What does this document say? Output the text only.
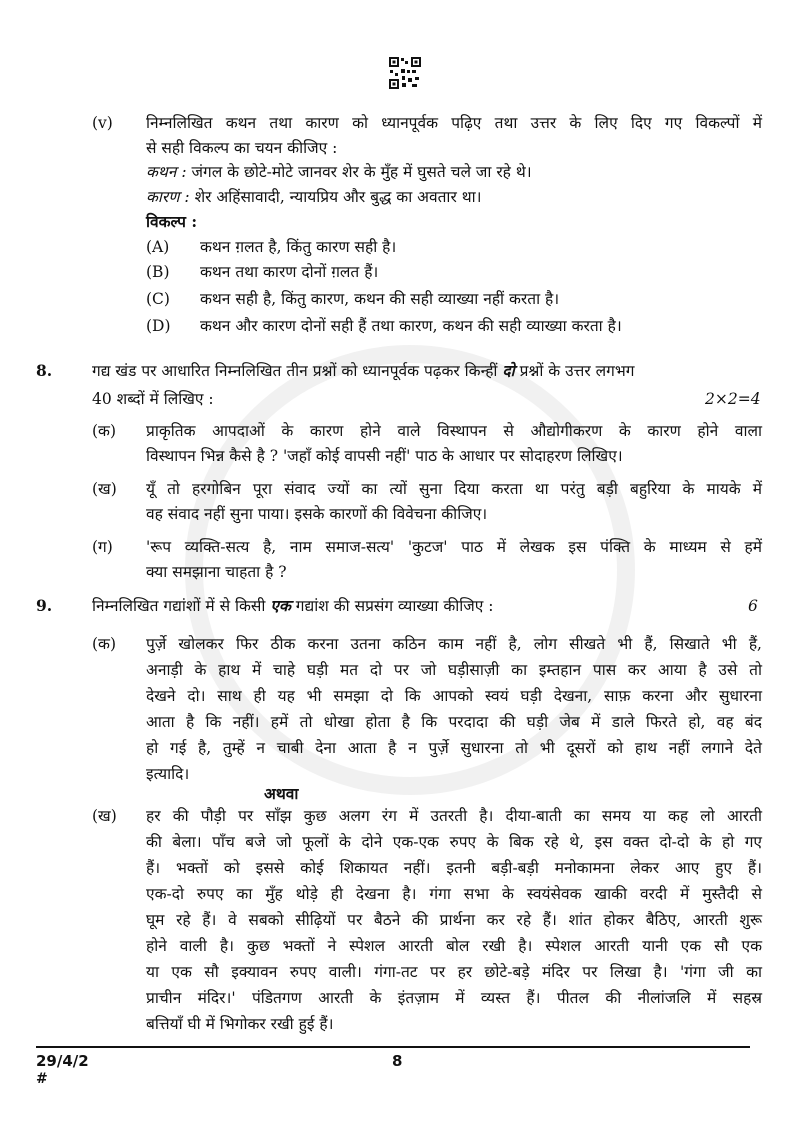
(v) निम्नलिखित कथन तथा कारण को ध्यानपूर्वक पढ़िए तथा उत्तर के लिए दिए गए विकल्पों में
से सही विकल्प का चयन कीजिए :
कथन : जंगल के छोटे-मोटे जानवर शेर के मुँह में घुसते चले जा रहे थे।
कारण : शेर अहिंसावादी, न्यायप्रिय और बुद्ध का अवतार था।
विकल्प :
(A) कथन ग़लत है, किंतु कारण सही है।
(B) कथन तथा कारण दोनों ग़लत हैं।
(C) कथन सही है, किंतु कारण, कथन की सही व्याख्या नहीं करता है।
(D) कथन और कारण दोनों सही हैं तथा कारण, कथन की सही व्याख्या करता है।
8.	गद्य खंड पर आधारित निम्नलिखित तीन प्रश्नों को ध्यानपूर्वक पढ़कर किन्हीं दो प्रश्नों के उत्तर लगभग
40 शब्दों में लिखिए :	2×2=4
(क) प्राकृतिक आपदाओं के कारण होने वाले विस्थापन से औद्योगीकरण के कारण होने वाला
विस्थापन भिन्न कैसे है ? 'जहाँ कोई वापसी नहीं' पाठ के आधार पर सोदाहरण लिखिए।
(ख) यूँ तो हरगोबिन पूरा संवाद ज्यों का त्यों सुना दिया करता था परंतु बड़ी बहुरिया के मायके में
वह संवाद नहीं सुना पाया। इसके कारणों की विवेचना कीजिए।
(ग) 'रूप व्यक्ति-सत्य है, नाम समाज-सत्य' 'कुटज' पाठ में लेखक इस पंक्ति के माध्यम से हमें
क्या समझाना चाहता है ?
9.	निम्नलिखित गद्यांशों में से किसी एक गद्यांश की सप्रसंग व्याख्या कीजिए :	6
(क) पुर्ज़े खोलकर फिर ठीक करना उतना कठिन काम नहीं है, लोग सीखते भी हैं, सिखाते भी हैं,
अनाड़ी के हाथ में चाहे घड़ी मत दो पर जो घड़ीसाज़ी का इम्तहान पास कर आया है उसे तो
देखने दो। साथ ही यह भी समझा दो कि आपको स्वयं घड़ी देखना, साफ़ करना और सुधारना
आता है कि नहीं। हमें तो धोखा होता है कि परदादा की घड़ी जेब में डाले फिरते हो, वह बंद
हो गई है, तुम्हें न चाबी देना आता है न पुर्ज़े सुधारना तो भी दूसरों को हाथ नहीं लगाने देते
इत्यादि।
अथवा
(ख) हर की पौड़ी पर साँझ कुछ अलग रंग में उतरती है। दीया-बाती का समय या कह लो आरती
की बेला। पाँच बजे जो फूलों के दोने एक-एक रुपए के बिक रहे थे, इस वक्त दो-दो के हो गए
हैं। भक्तों को इससे कोई शिकायत नहीं। इतनी बड़ी-बड़ी मनोकामना लेकर आए हुए हैं।
एक-दो रुपए का मुँह थोड़े ही देखना है। गंगा सभा के स्वयंसेवक खाकी वरदी में मुस्तैदी से
घूम रहे हैं। वे सबको सीढ़ियों पर बैठने की प्रार्थना कर रहे हैं। शांत होकर बैठिए, आरती शुरू
होने वाली है। कुछ भक्तों ने स्पेशल आरती बोल रखी है। स्पेशल आरती यानी एक सौ एक
या एक सौ इक्यावन रुपए वाली। गंगा-तट पर हर छोटे-बड़े मंदिर पर लिखा है। 'गंगा जी का
प्राचीन मंदिर।' पंडितगण आरती के इंतज़ाम में व्यस्त हैं। पीतल की नीलांजलि में सहस्र
बत्तियाँ घी में भिगोकर रखी हुई हैं।
29/4/2
#
8
